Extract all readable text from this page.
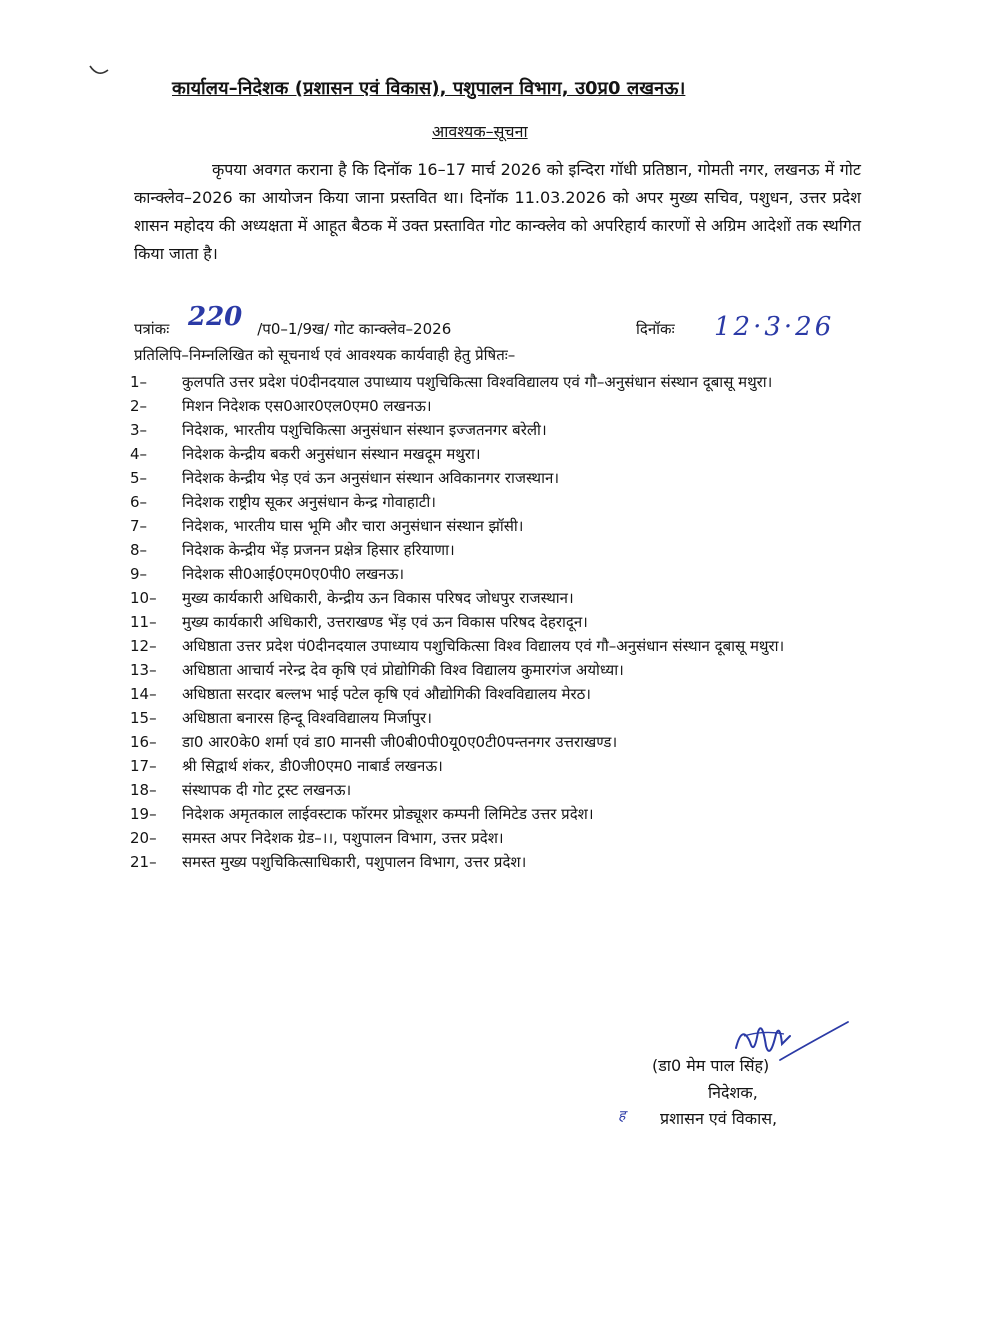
कार्यालय–निदेशक (प्रशासन एवं विकास), पशुपालन विभाग, उ0प्र0 लखनऊ।
आवश्यक–सूचना

कृपया अवगत कराना है कि दिनॉक 16–17 मार्च 2026 को इन्दिरा गॉधी प्रतिष्ठान, गोमती नगर, लखनऊ में गोट कान्क्लेव–2026 का आयोजन किया जाना प्रस्तवित था। दिनॉक 11.03.2026 को अपर मुख्य सचिव, पशुधन, उत्तर प्रदेश शासन महोदय की अध्यक्षता में आहूत बैठक में उक्त प्रस्तावित गोट कान्क्लेव को अपरिहार्य कारणों से अग्रिम आदेशों तक स्थगित किया जाता है।

पत्रांकः	/प0–1/9ख/ गोट कान्क्लेव–2026
220	दिनॉकः 12·3·26
प्रतिलिपि–निम्नलिखित को सूचनार्थ एवं आवश्यक कार्यवाही हेतु प्रेषितः–
1–	कुलपति उत्तर प्रदेश पं0दीनदयाल उपाध्याय पशुचिकित्सा विश्वविद्यालय एवं गौ–अनुसंधान संस्थान दूबासू मथुरा।
2–	मिशन निदेशक एस0आर0एल0एम0 लखनऊ।
3–	निदेशक, भारतीय पशुचिकित्सा अनुसंधान संस्थान इज्जतनगर बरेली।
4–	निदेशक केन्द्रीय बकरी अनुसंधान संस्थान मखदूम मथुरा।
5–	निदेशक केन्द्रीय भेड़ एवं ऊन अनुसंधान संस्थान अविकानगर राजस्थान।
6–	निदेशक राष्ट्रीय सूकर अनुसंधान केन्द्र गोवाहाटी।
7–	निदेशक, भारतीय घास भूमि और चारा अनुसंधान संस्थान झॉसी।
8–	निदेशक केन्द्रीय भेंड़ प्रजनन प्रक्षेत्र हिसार हरियाणा।
9–	निदेशक सी0आई0एम0ए0पी0 लखनऊ।
10–	मुख्य कार्यकारी अधिकारी, केन्द्रीय ऊन विकास परिषद जोधपुर राजस्थान।
11–	मुख्य कार्यकारी अधिकारी, उत्तराखण्ड भेंड़ एवं ऊन विकास परिषद देहरादून।
12–	अधिष्ठाता उत्तर प्रदेश पं0दीनदयाल उपाध्याय पशुचिकित्सा विश्व विद्यालय एवं गौ–अनुसंधान संस्थान दूबासू मथुरा।
13–	अधिष्ठाता आचार्य नरेन्द्र देव कृषि एवं प्रोद्योगिकी विश्व विद्यालय कुमारगंज अयोध्या।
14–	अधिष्ठाता सरदार बल्लभ भाई पटेल कृषि एवं औद्योगिकी विश्वविद्यालय मेरठ।
15–	अधिष्ठाता बनारस हिन्दू विश्वविद्यालय मिर्जापुर।
16–	डा0 आर0के0 शर्मा एवं डा0 मानसी जी0बी0पी0यू0ए0टी0पन्तनगर उत्तराखण्ड।
17–	श्री सिद्वार्थ शंकर, डी0जी0एम0 नाबार्ड लखनऊ।
18–	संस्थापक दी गोट ट्रस्ट लखनऊ।
19–	निदेशक अमृतकाल लाईवस्टाक फॉरमर प्रोड्यूशर कम्पनी लिमिटेड उत्तर प्रदेश।
20–	समस्त अपर निदेशक ग्रेड–।।, पशुपालन विभाग, उत्तर प्रदेश।
21–	समस्त मुख्य पशुचिकित्साधिकारी, पशुपालन विभाग, उत्तर प्रदेश।
(डा0 मेम पाल सिंह)
निदेशक,
ह प्रशासन एवं विकास,
